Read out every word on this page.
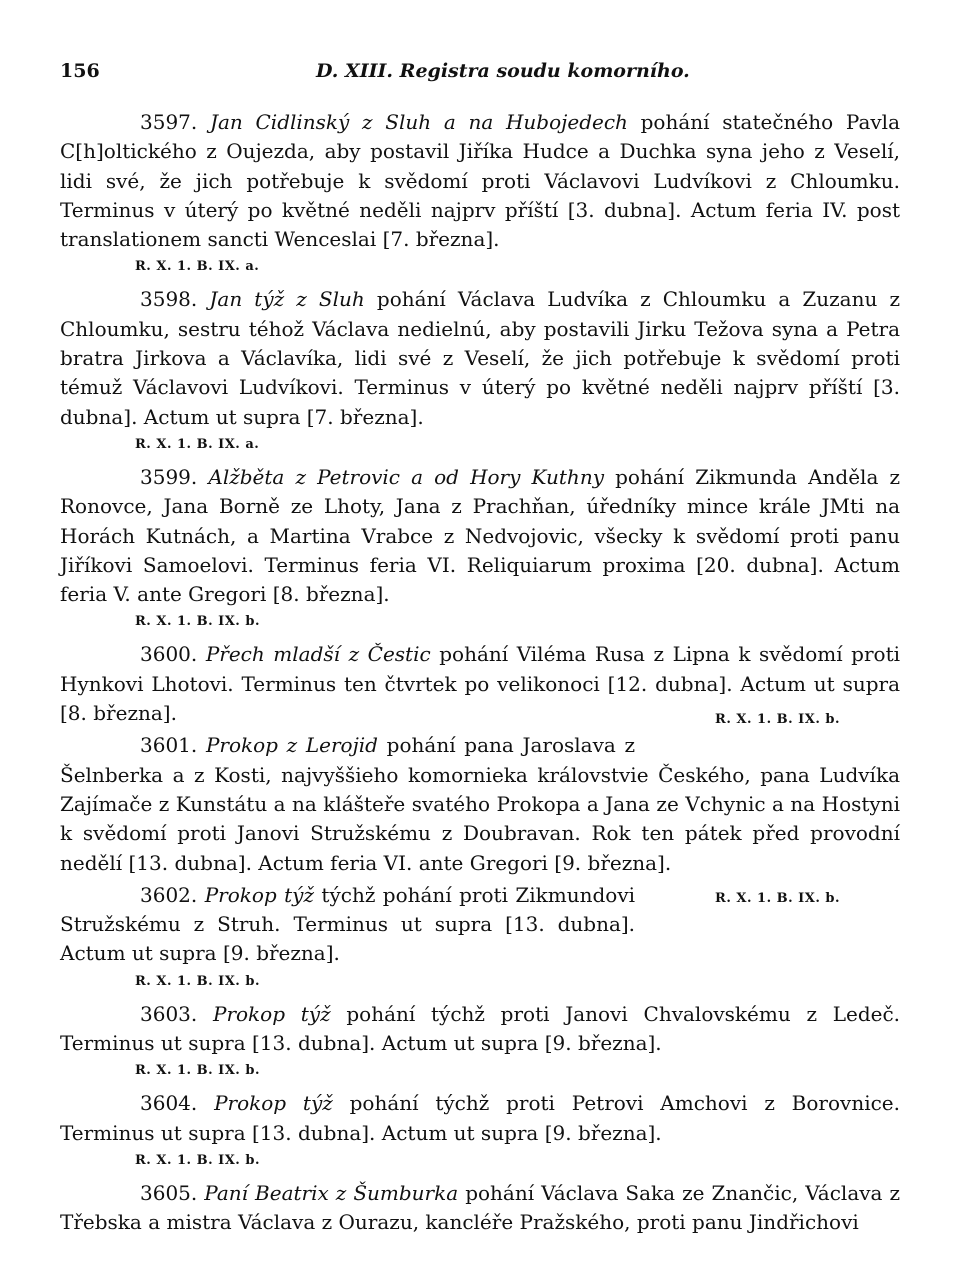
156	D. XIII. Registra soudu komorního.

3597. Jan Cidlinský z Sluh a na Hubojedech pohání statečného Pavla C[h]oltického z Oujezda, aby postavil Jiříka Hudce a Duchka syna jeho z Veselí, lidi své, že jich potřebuje k svědomí proti Václavovi Ludvíkovi z Chloumku. Terminus v úterý po květné neděli najprv příští [3. dubna]. Actum feria IV. post translationem sancti Wenceslai [7. března].

R. X. 1. B. IX. a.

3598. Jan týž z Sluh pohání Václava Ludvíka z Chloumku a Zuzanu z Chloumku, sestru téhož Václava nedielnú, aby postavili Jirku Težova syna a Petra bratra Jirkova a Václavíka, lidi své z Veselí, že jich potřebuje k svědomí proti témuž Václavovi Ludvíkovi. Terminus v úterý po květné neděli najprv příští [3. dubna]. Actum ut supra [7. března].

R. X. 1. B. IX. a.

3599. Alžběta z Petrovic a od Hory Kuthny pohání Zikmunda Anděla z Ronovce, Jana Borně ze Lhoty, Jana z Prachňan, úředníky mince krále JMti na Horách Kutnách, a Martina Vrabce z Nedvojovic, všecky k svědomí proti panu Jiříkovi Samoelovi. Terminus feria VI. Reliquiarum proxima [20. dubna]. Actum feria V. ante Gregori [8. března].

R. X. 1. B. IX. b.

3600. Přech mladší z Čestic pohání Viléma Rusa z Lipna k svědomí proti Hynkovi Lhotovi. Terminus ten čtvrtek po velikonoci [12. dubna]. Actum ut supra [8. března].	R. X. 1. B. IX. b.

3601. Prokop z Lerojid pohání pana Jaroslava z Šelnberka a z Kosti, najvyššieho komornieka královstvie Českého, pana Ludvíka Zajímače z Kunstátu a na klášteře svatého Prokopa a Jana ze Vchynic a na Hostyni k svědomí proti Janovi Stružskému z Doubravan. Rok ten pátek před provodní nedělí [13. dubna]. Actum feria VI. ante Gregori [9. března].
R. X. 1. B. IX. b.

3602. Prokop týž týchž pohání proti Zikmundovi Stružskému z Struh. Terminus ut supra [13. dubna]. Actum ut supra [9. března].

R. X. 1. B. IX. b.

3603. Prokop týž pohání týchž proti Janovi Chvalovskému z Ledeč. Terminus ut supra [13. dubna]. Actum ut supra [9. března].

R. X. 1. B. IX. b.

3604. Prokop týž pohání týchž proti Petrovi Amchovi z Borovnice. Terminus ut supra [13. dubna]. Actum ut supra [9. března].

R. X. 1. B. IX. b.

3605. Paní Beatrix z Šumburka pohání Václava Saka ze Znančic, Václava z Třebska a mistra Václava z Ourazu, kancléře Pražského, proti panu Jindřichovi
